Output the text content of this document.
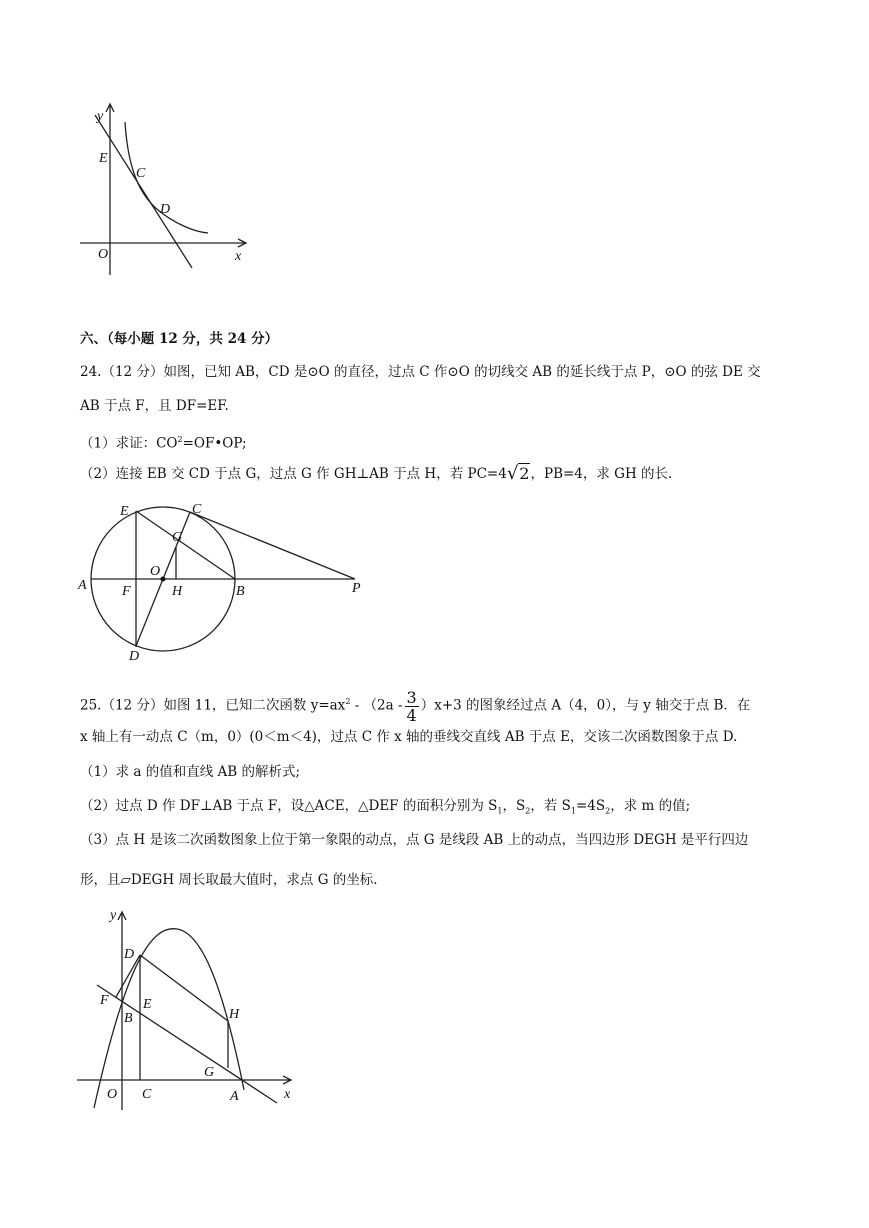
y
x
O
E
C
D
六、（每小题 12 分，共 24 分）
24.（12 分）如图，已知 AB，CD 是⊙O 的直径，过点 C 作⊙O 的切线交 AB 的延长线于点 P，⊙O 的弦 DE 交
AB 于点 F，且 DF=EF.
（1）求证：$CO^2=OF•OP$;
（2）连接 EB 交 CD 于点 G，过点 G 作 GH⊥AB 于点 H，若 PC=4√2，PB=4，求 GH 的长.
E	C
G
O
A	F	H	B	P
D
25.（12 分）如图 11，已知二次函数 $y=ax^2 - (2a - \frac{3}{4} )x+3$ 的图象经过点 A（4，0），与 y 轴交于点 B．在
x 轴上有一动点 C（m，0）(0＜m＜4)，过点 C 作 x 轴的垂线交直线 AB 于点 E，交该二次函数图象于点 D.
（1）求 a 的值和直线 AB 的解析式;
（2）过点 D 作 DF⊥AB 于点 F，设△ACE，△DEF 的面积分别为 $S_1$，$S_2$，若 $S_1=4S_2$，求 m 的值;
（3）点 H 是该二次函数图象上位于第一象限的动点，点 G 是线段 AB 上的动点，当四边形 DEGH 是平行四边
形，且▱DEGH 周长取最大值时，求点 G 的坐标.
y
x
D
F
B
E
H
G
O C	A
